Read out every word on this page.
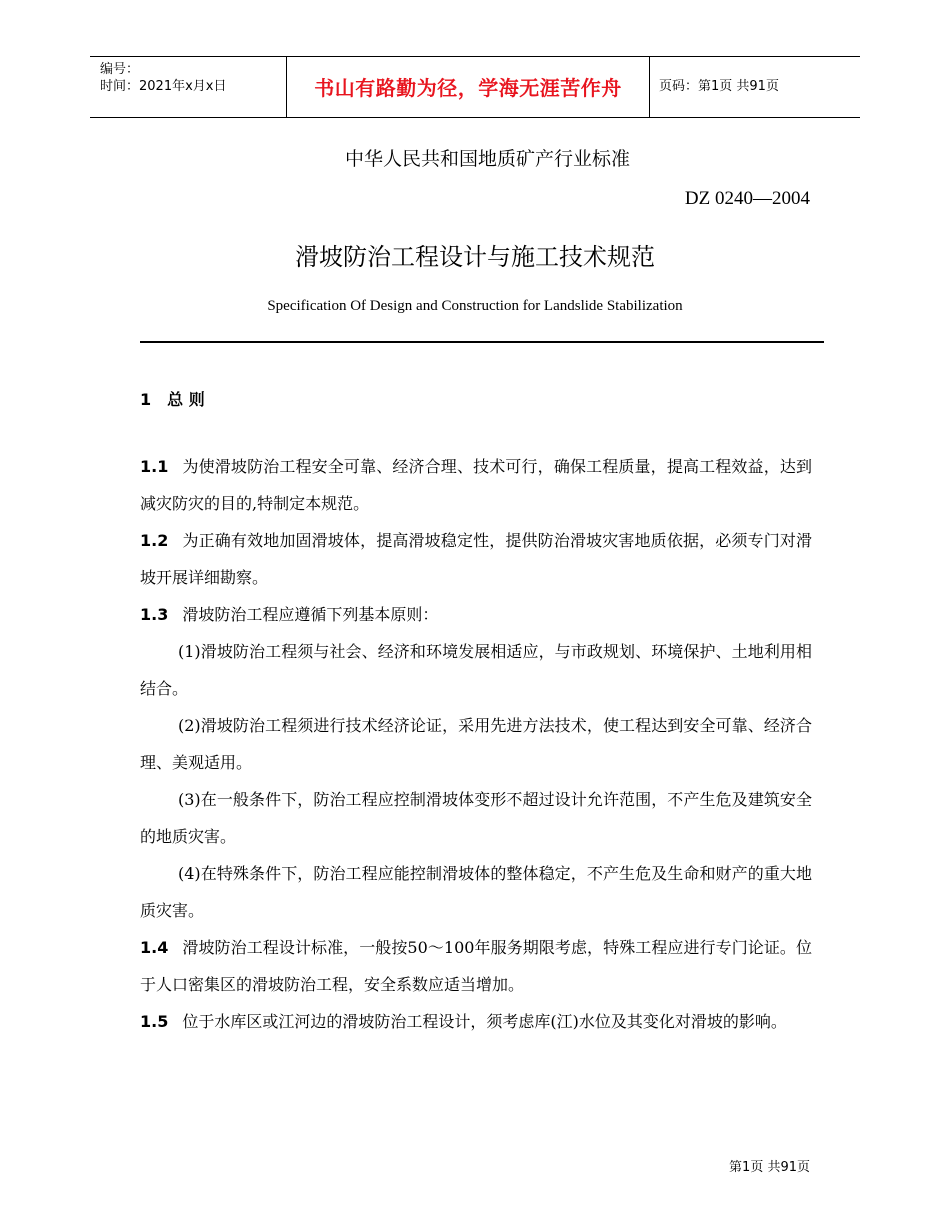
编号：
时间：2021年x月x日	书山有路勤为径，学海无涯苦作舟	页码：第1页 共91页
中华人民共和国地质矿产行业标准
DZ 0240—2004
滑坡防治工程设计与施工技术规范
Specification Of Design and Construction for Landslide Stabilization
1　总 则

1.1 为使滑坡防治工程安全可靠、经济合理、技术可行，确保工程质量，提高工程效益，达到减灾防灾的目的,特制定本规范。

1.2 为正确有效地加固滑坡体，提高滑坡稳定性，提供防治滑坡灾害地质依据，必须专门对滑坡开展详细勘察。

1.3 滑坡防治工程应遵循下列基本原则：

(1)滑坡防治工程须与社会、经济和环境发展相适应，与市政规划、环境保护、土地利用相结合。

(2)滑坡防治工程须进行技术经济论证，采用先进方法技术，使工程达到安全可靠、经济合理、美观适用。

(3)在一般条件下，防治工程应控制滑坡体变形不超过设计允许范围，不产生危及建筑安全的地质灾害。

(4)在特殊条件下，防治工程应能控制滑坡体的整体稳定，不产生危及生命和财产的重大地质灾害。

1.4 滑坡防治工程设计标准，一般按50～100年服务期限考虑，特殊工程应进行专门论证。位于人口密集区的滑坡防治工程，安全系数应适当增加。

1.5 位于水库区或江河边的滑坡防治工程设计，须考虑库(江)水位及其变化对滑坡的影响。

第1页 共91页
